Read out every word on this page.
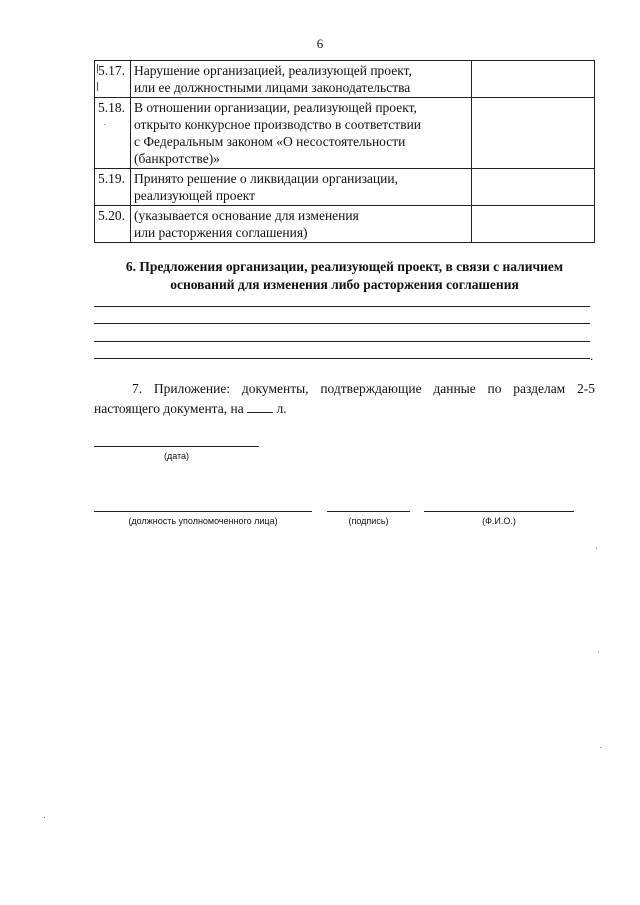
6
5.17.	Нарушение организацией, реализующей проект,
или ее должностными лицами законодательства	

5.18.	В отношении организации, реализующей проект,
открыто конкурсное производство в соответствии
с Федеральным законом «О несостоятельности
(банкротстве)»	

5.19.	Принято решение о ликвидации организации,
реализующей проект	

5.20.	(указывается основание для изменения
или расторжения соглашения)	

6. Предложения организации, реализующей проект, в связи с наличием
оснований для изменения либо расторжения соглашения
.
7. Приложение: документы, подтверждающие данные по разделам 2-5
настоящего документа, на л.
(дата)
(должность уполномоченного лица)	(подпись)	(Ф.И.О.)
